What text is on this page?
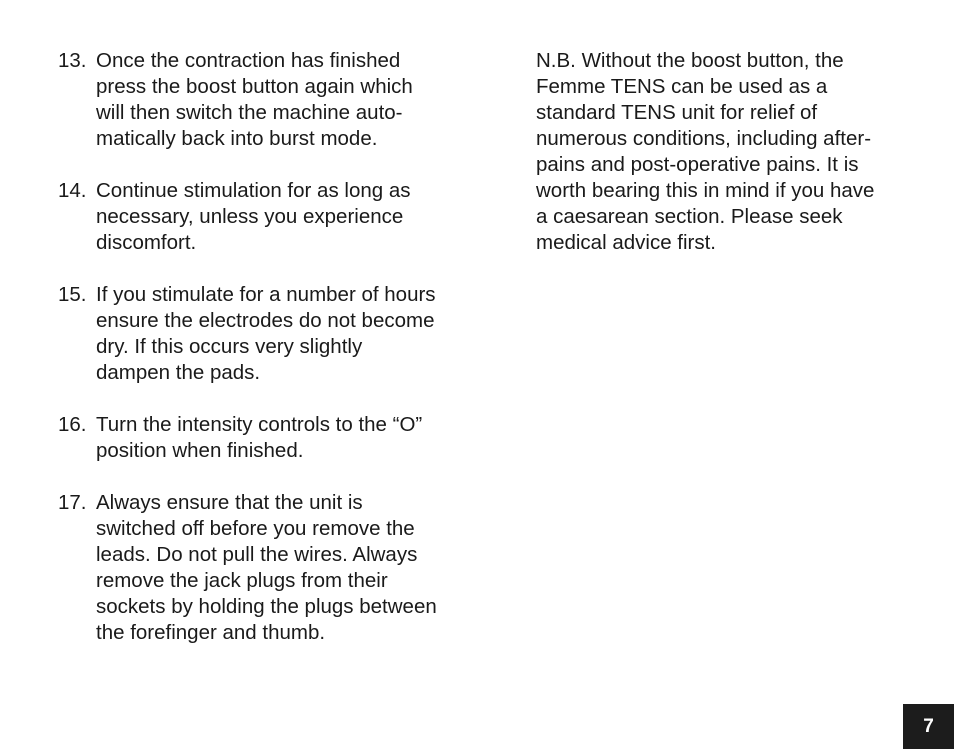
13. Once the contraction has finished
press the boost button again which
will then switch the machine auto-
matically back into burst mode.
14. Continue stimulation for as long as
necessary, unless you experience
discomfort.
15. If you stimulate for a number of hours
ensure the electrodes do not become
dry. If this occurs very slightly
dampen the pads.
16. Turn the intensity controls to the “O”
position when finished.
17. Always ensure that the unit is
switched off before you remove the
leads. Do not pull the wires. Always
remove the jack plugs from their
sockets by holding the plugs between
the forefinger and thumb.
N.B. Without the boost button, the
Femme TENS can be used as a
standard TENS unit for relief of
numerous conditions, including after-
pains and post-operative pains. It is
worth bearing this in mind if you have
a caesarean section. Please seek
medical advice first.
7
